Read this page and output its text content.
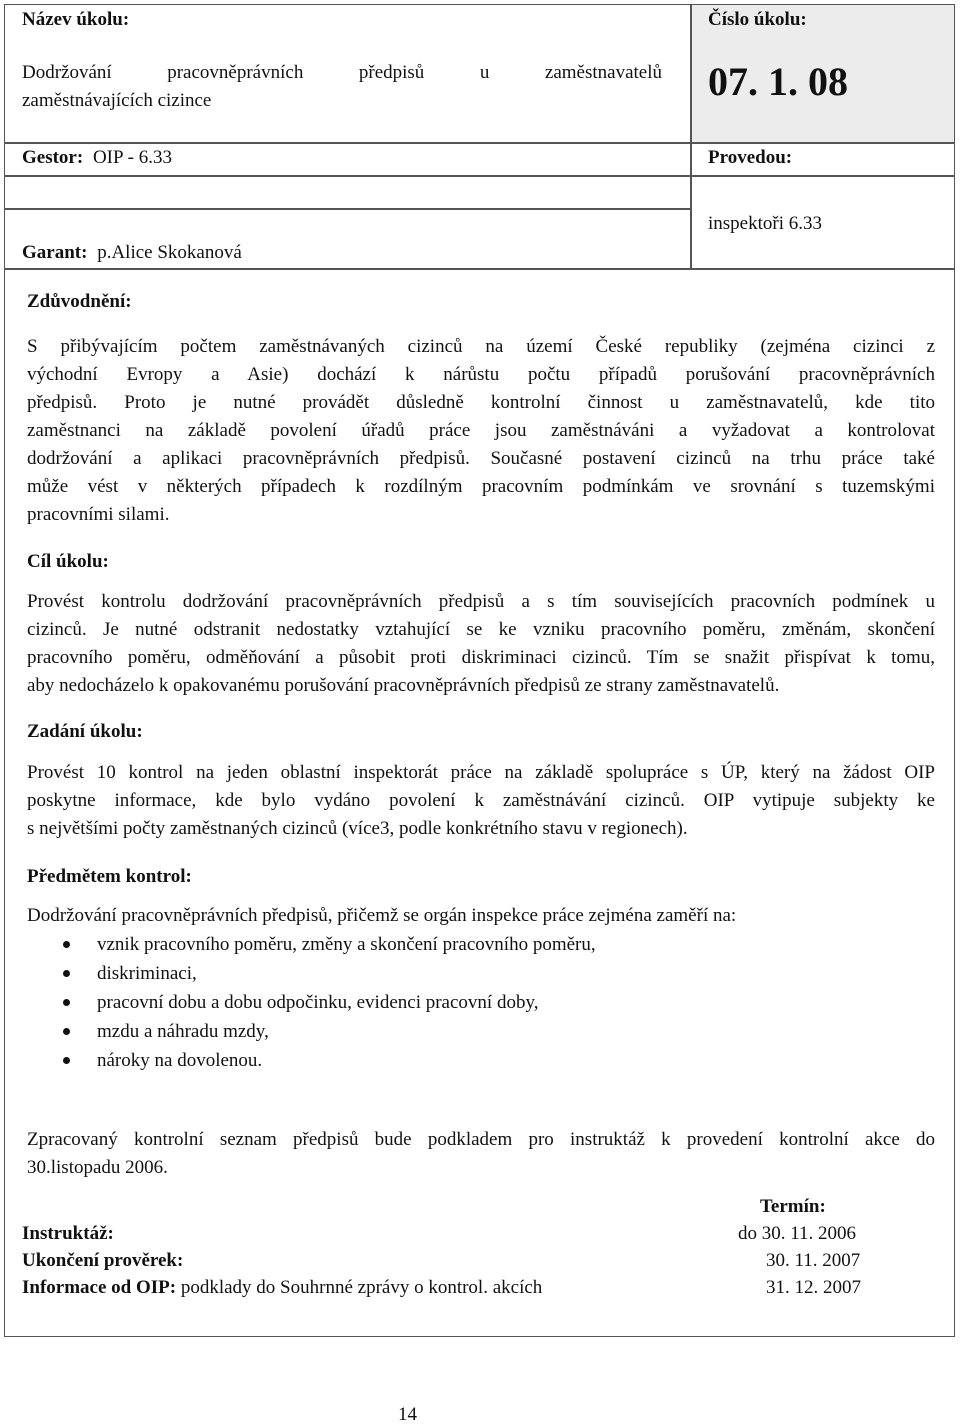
Název úkolu:
Dodržování pracovněprávních předpisů u zaměstnavatelů
zaměstnávajících cizince
Číslo úkolu:
07. 1. 08
Gestor: OIP - 6.33	Provedou:
inspektoři 6.33
Garant: p.Alice Skokanová
Zdůvodnění:
S přibývajícím počtem zaměstnávaných cizinců na území České republiky (zejména cizinci z
východní Evropy a Asie) dochází k nárůstu počtu případů porušování pracovněprávních
předpisů. Proto je nutné provádět důsledně kontrolní činnost u zaměstnavatelů, kde tito
zaměstnanci na základě povolení úřadů práce jsou zaměstnáváni a vyžadovat a kontrolovat
dodržování a aplikaci pracovněprávních předpisů. Současné postavení cizinců na trhu práce také
může vést v některých případech k rozdílným pracovním podmínkám ve srovnání s tuzemskými
pracovními silami.
Cíl úkolu:
Provést kontrolu dodržování pracovněprávních předpisů a s tím souvisejících pracovních podmínek u
cizinců. Je nutné odstranit nedostatky vztahující se ke vzniku pracovního poměru, změnám, skončení
pracovního poměru, odměňování a působit proti diskriminaci cizinců. Tím se snažit přispívat k tomu,
aby nedocházelo k opakovanému porušování pracovněprávních předpisů ze strany zaměstnavatelů.
Zadání úkolu:
Provést 10 kontrol na jeden oblastní inspektorát práce na základě spolupráce s ÚP, který na žádost OIP
poskytne informace, kde bylo vydáno povolení k zaměstnávání cizinců. OIP vytipuje subjekty ke
s největšími počty zaměstnaných cizinců (více3, podle konkrétního stavu v regionech).
Předmětem kontrol:
Dodržování pracovněprávních předpisů, přičemž se orgán inspekce práce zejména zaměří na:
vznik pracovního poměru, změny a skončení pracovního poměru,
diskriminaci,
pracovní dobu a dobu odpočinku, evidenci pracovní doby,
mzdu a náhradu mzdy,
nároky na dovolenou.
Zpracovaný kontrolní seznam předpisů bude podkladem pro instruktáž k provedení kontrolní akce do
30.listopadu 2006.
Termín:
Instruktáž:	do 30. 11. 2006
Ukončení prověrek:	30. 11. 2007
Informace od OIP: podklady do Souhrnné zprávy o kontrol. akcích	31. 12. 2007
14
